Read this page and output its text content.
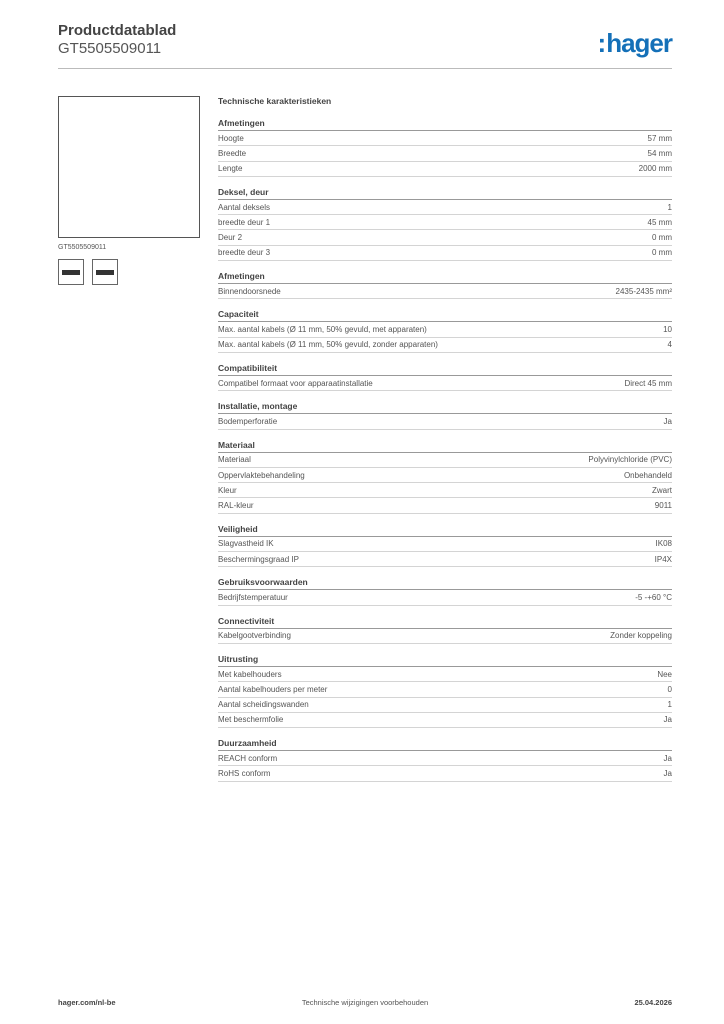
Productdatablad
GT5505509011	:hager
GT5505509011
Technische karakteristieken
Afmetingen
Hoogte	57 mm
Breedte	54 mm
Lengte	2000 mm
Deksel, deur
Aantal deksels	1
breedte deur 1	45 mm
Deur 2	0 mm
breedte deur 3	0 mm
Afmetingen
Binnendoorsnede	2435-2435 mm²
Capaciteit
Max. aantal kabels (Ø 11 mm, 50% gevuld, met apparaten)	10
Max. aantal kabels (Ø 11 mm, 50% gevuld, zonder apparaten)	4
Compatibiliteit
Compatibel formaat voor apparaatinstallatie	Direct 45 mm
Installatie, montage
Bodemperforatie	Ja
Materiaal
Materiaal	Polyvinylchloride (PVC)
Oppervlaktebehandeling	Onbehandeld
Kleur	Zwart
RAL-kleur	9011
Veiligheid
Slagvastheid IK	IK08
Beschermingsgraad IP	IP4X
Gebruiksvoorwaarden
Bedrijfstemperatuur	-5 -+60 °C
Connectiviteit
Kabelgootverbinding	Zonder koppeling
Uitrusting
Met kabelhouders	Nee
Aantal kabelhouders per meter	0
Aantal scheidingswanden	1
Met beschermfolie	Ja
Duurzaamheid
REACH conform	Ja
RoHS conform	Ja
hager.com/nl-be	Technische wijzigingen voorbehouden	25.04.2026
